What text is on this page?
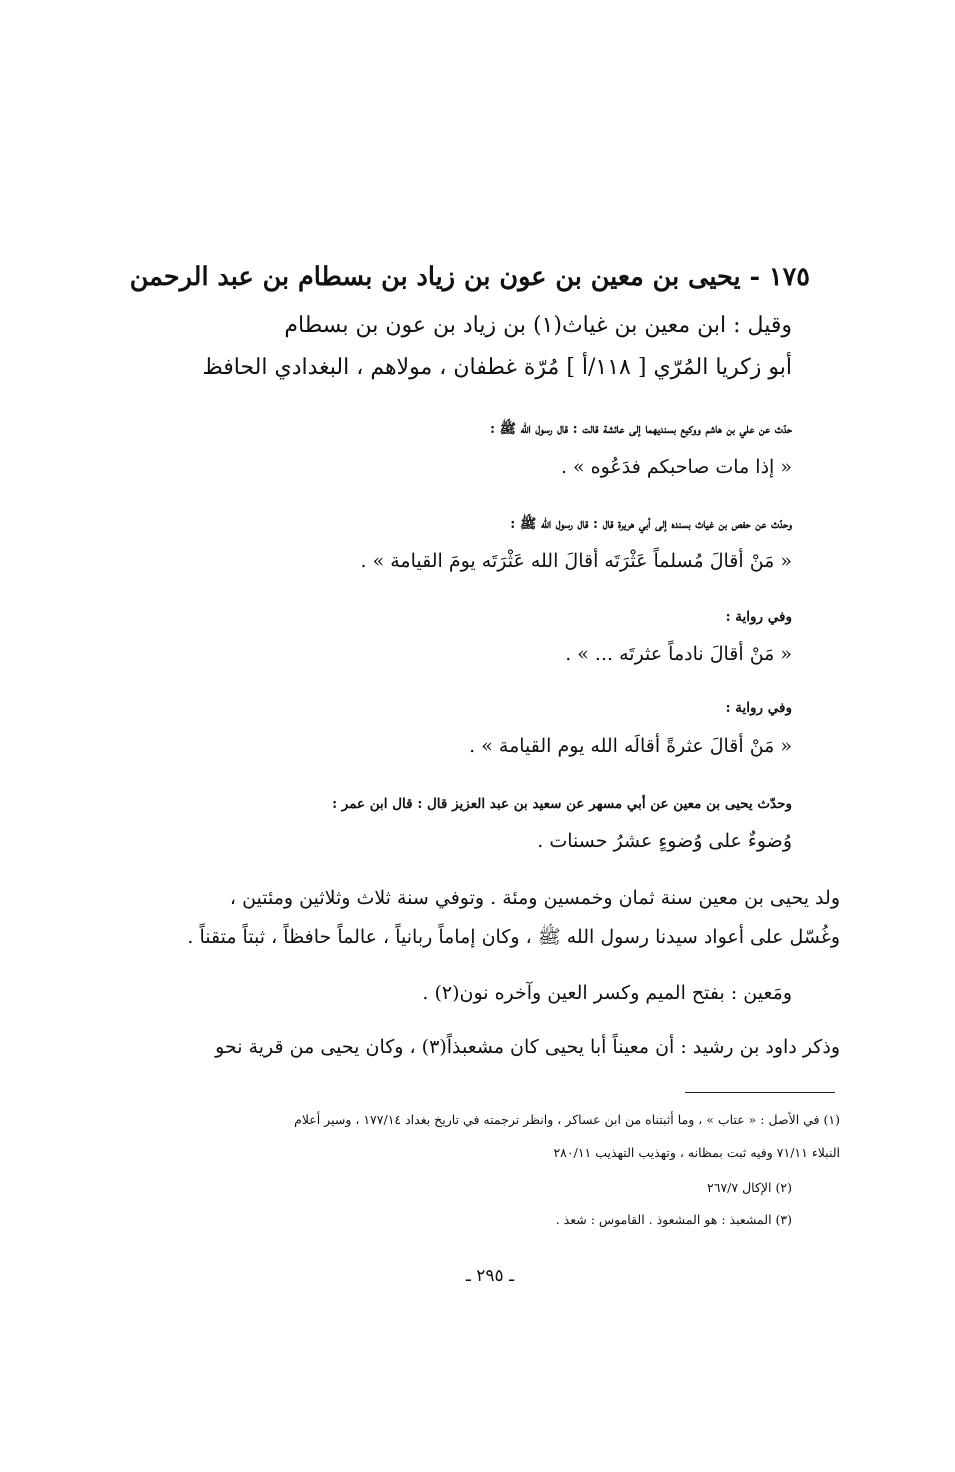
١٧٥ - يحيى بن معين بن عون بن زياد بن بسطام بن عبد الرحمن
وقيل : ابن معين بن غياث(١) بن زياد بن عون بن بسطام
أبو زكريا المُرّي [ ١١٨/أ ] مُرّة غطفان ، مولاهم ، البغدادي الحافظ
حدّث عن علي بن هاشم ووكيع بسنديهما إلى عائشة قالت : قال رسول الله ﷺ :
« إذا مات صاحبكم فدَعُوه » .
وحدّث عن حفص بن غياث بسنده إلى أبي هريرة قال : قال رسول الله ﷺ :
« مَنْ أقالَ مُسلماً عَثْرَتَه أقالَ الله عَثْرَتَه يومَ القيامة » .
وفي رواية :
« مَنْ أقالَ نادماً عثرتَه ... » .
وفي رواية :
« مَنْ أقالَ عثرةً أقالَه الله يوم القيامة » .
وحدّث يحيى بن معين عن أبي مسهر عن سعيد بن عبد العزيز قال : قال ابن عمر :
وُضوءٌ على وُضوءٍ عشرُ حسنات .
ولد يحيى بن معين سنة ثمان وخمسين ومئة . وتوفي سنة ثلاث وثلاثين ومئتين ،
وغُسّل على أعواد سيدنا رسول الله ﷺ ، وكان إماماً ربانياً ، عالماً حافظاً ، ثبتاً متقناً .
ومَعين : بفتح الميم وكسر العين وآخره نون(٢) .
وذكر داود بن رشيد : أن معيناً أبا يحيى كان مشعبذاً(٣) ، وكان يحيى من قرية نحو
(١) في الأصل : « عتاب » ، وما أثبتناه من ابن عساكر ، وانظر ترجمته في تاريخ بغداد ١٧٧/١٤ ، وسير أعلام
النبلاء ٧١/١١ وفيه ثبت بمظانه ، وتهذيب التهذيب ٢٨٠/١١
(٢) الإكال ٢٦٧/٧
(٣) المشعبذ : هو المشعوذ . القاموس : شعذ .
ـ ٢٩٥ ـ
